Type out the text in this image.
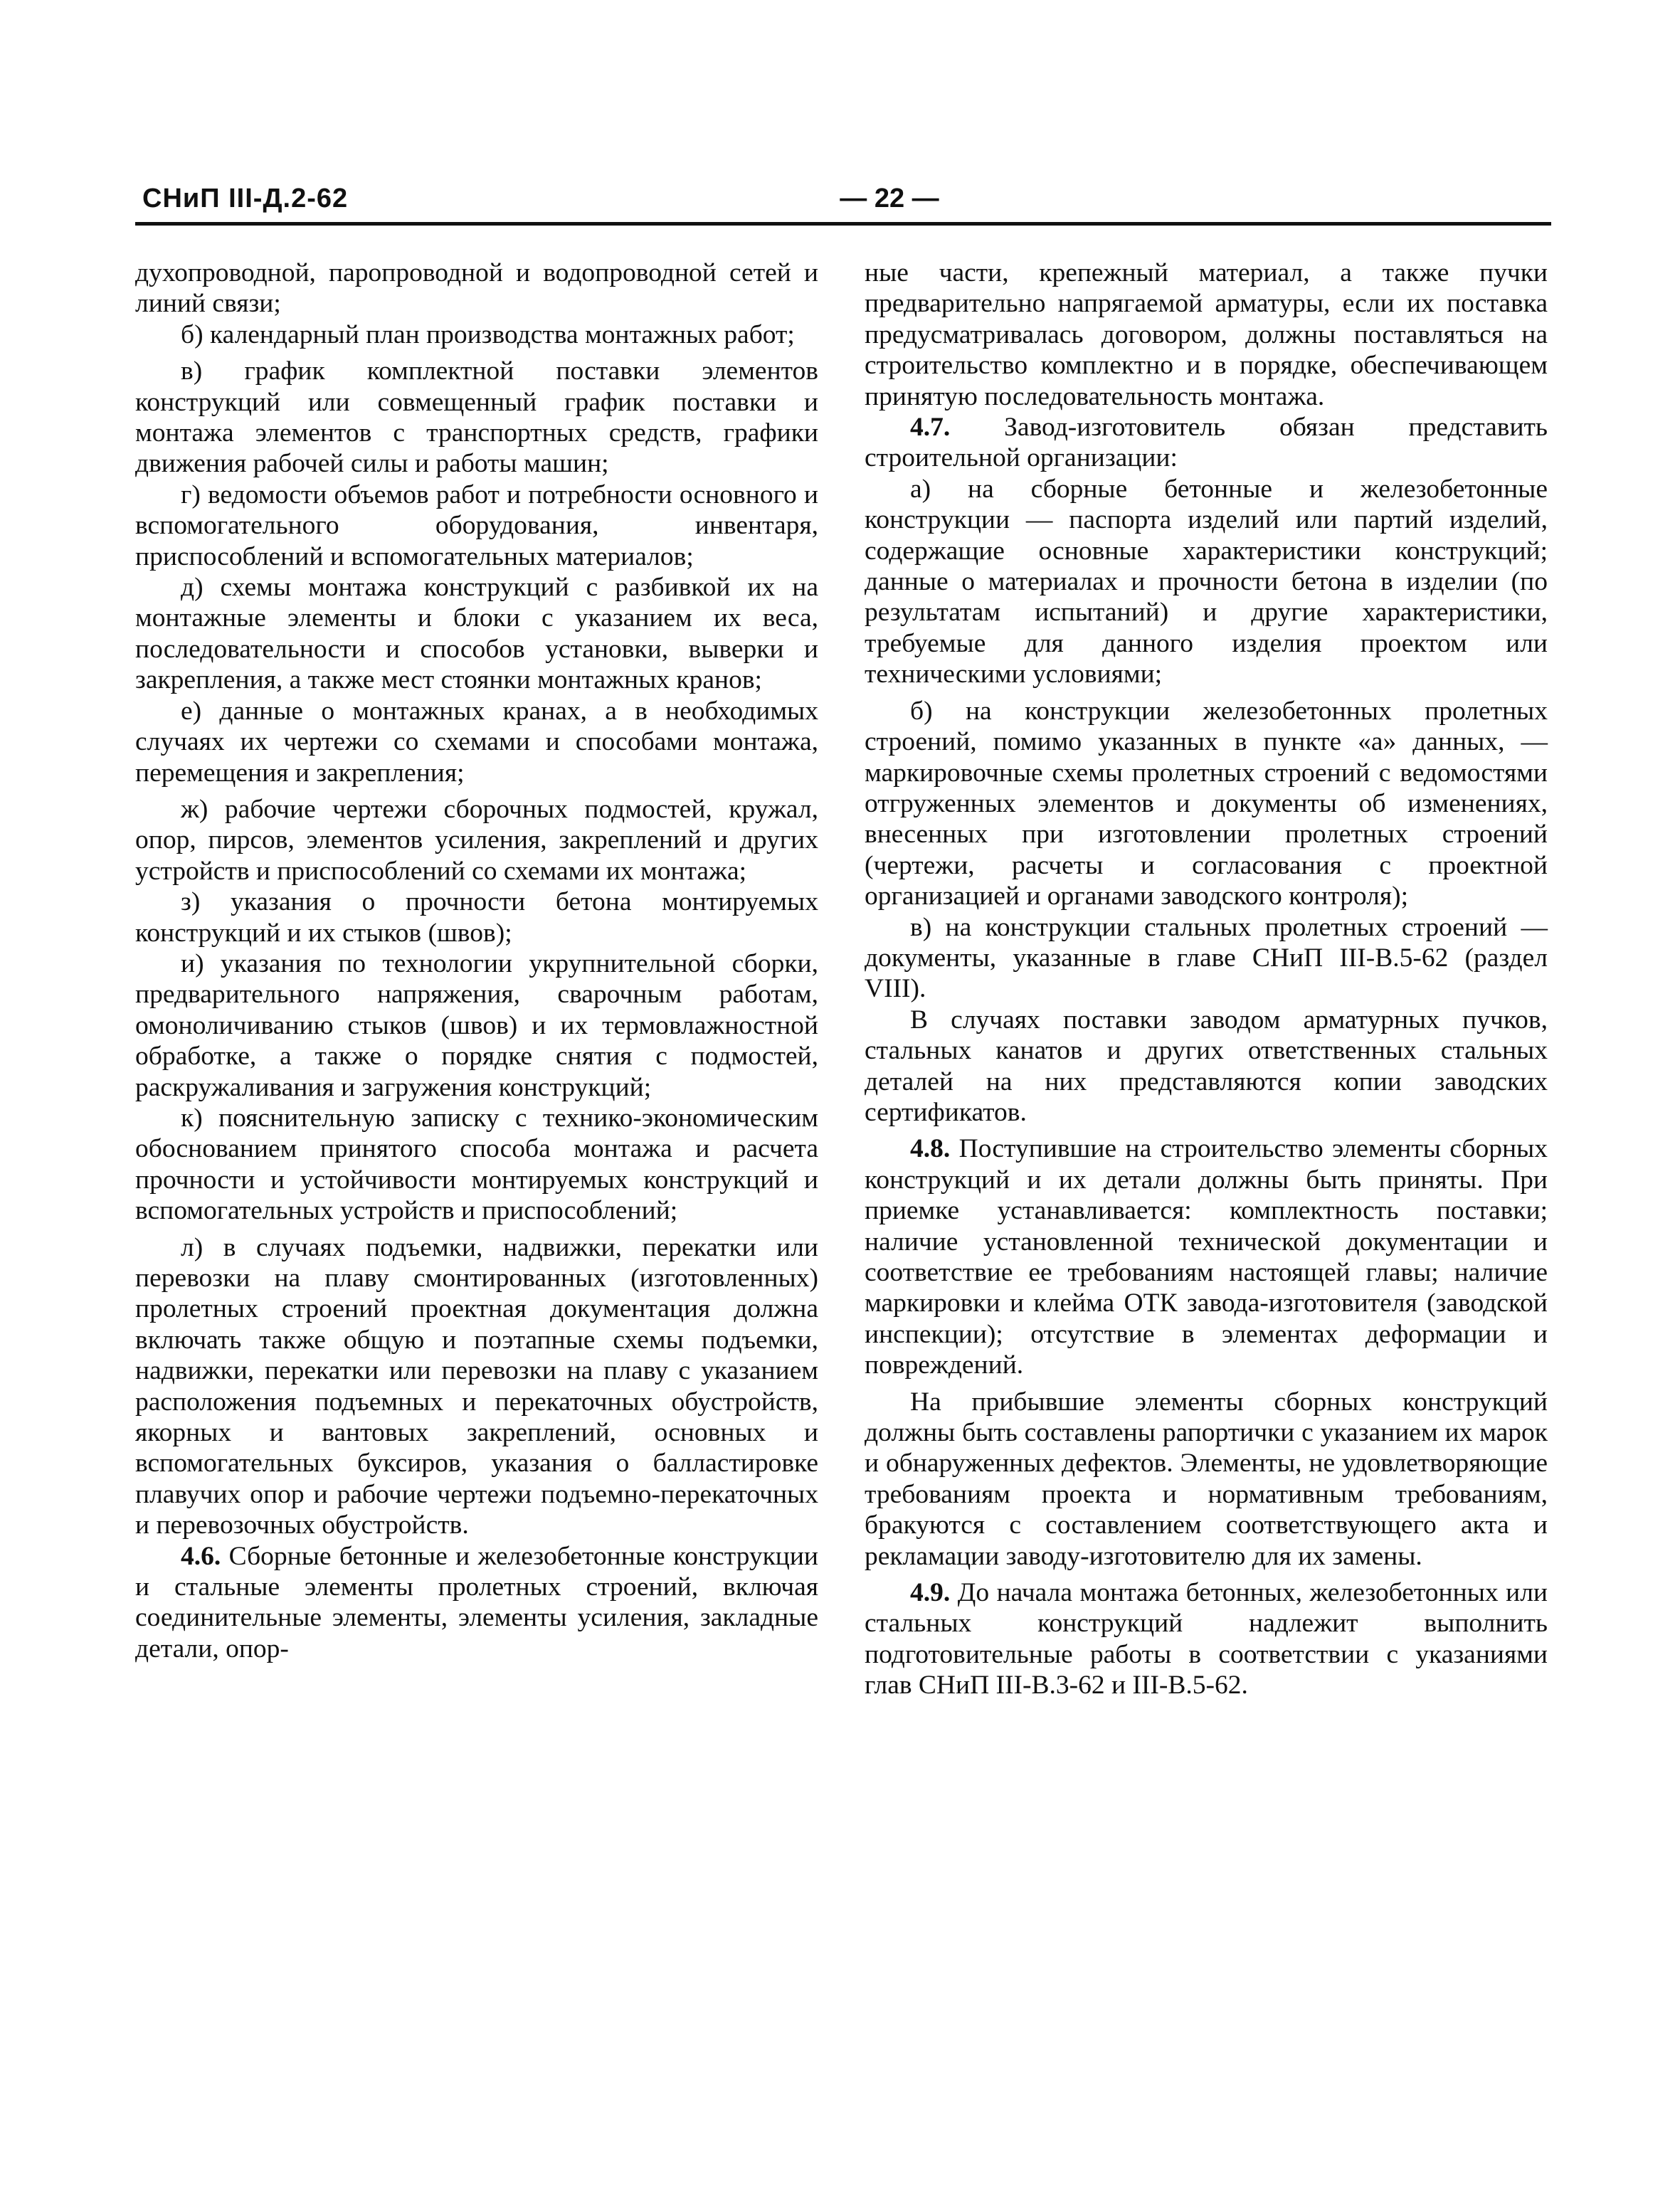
СНиП III-Д.2-62	— 22 —

духопроводной, паропроводной и водопроводной сетей и линий связи;

б) календарный план производства монтажных работ;

в) график комплектной поставки элементов конструкций или совмещенный график поставки и монтажа элементов с транспортных средств, графики движения рабочей силы и работы машин;

г) ведомости объемов работ и потребности основного и вспомогательного оборудования, инвентаря, приспособлений и вспомогательных материалов;

д) схемы монтажа конструкций с разбивкой их на монтажные элементы и блоки с указанием их веса, последовательности и способов установки, выверки и закрепления, а также мест стоянки монтажных кранов;

е) данные о монтажных кранах, а в необходимых случаях их чертежи со схемами и способами монтажа, перемещения и закрепления;

ж) рабочие чертежи сборочных подмостей, кружал, опор, пирсов, элементов усиления, закреплений и других устройств и приспособлений со схемами их монтажа;

з) указания о прочности бетона монтируемых конструкций и их стыков (швов);

и) указания по технологии укрупнительной сборки, предварительного напряжения, сварочным работам, омоноличиванию стыков (швов) и их термовлажностной обработке, а также о порядке снятия с подмостей, раскружаливания и загружения конструкций;

к) пояснительную записку с технико-экономическим обоснованием принятого способа монтажа и расчета прочности и устойчивости монтируемых конструкций и вспомогательных устройств и приспособлений;

л) в случаях подъемки, надвижки, перекатки или перевозки на плаву смонтированных (изготовленных) пролетных строений проектная документация должна включать также общую и поэтапные схемы подъемки, надвижки, перекатки или перевозки на плаву с указанием расположения подъемных и перекаточных обустройств, якорных и вантовых закреплений, основных и вспомогательных буксиров, указания о балластировке плавучих опор и рабочие чертежи подъемно-перекаточных и перевозочных обустройств.

4.6. Сборные бетонные и железобетонные конструкции и стальные элементы пролетных строений, включая соединительные элементы, элементы усиления, закладные детали, опор-

ные части, крепежный материал, а также пучки предварительно напрягаемой арматуры, если их поставка предусматривалась договором, должны поставляться на строительство комплектно и в порядке, обеспечивающем принятую последовательность монтажа.

4.7. Завод-изготовитель обязан представить строительной организации:

а) на сборные бетонные и железобетонные конструкции — паспорта изделий или партий изделий, содержащие основные характеристики конструкций; данные о материалах и прочности бетона в изделии (по результатам испытаний) и другие характеристики, требуемые для данного изделия проектом или техническими условиями;

б) на конструкции железобетонных пролетных строений, помимо указанных в пункте «а» данных, — маркировочные схемы пролетных строений с ведомостями отгруженных элементов и документы об изменениях, внесенных при изготовлении пролетных строений (чертежи, расчеты и согласования с проектной организацией и органами заводского контроля);

в) на конструкции стальных пролетных строений — документы, указанные в главе СНиП III-В.5-62 (раздел VIII).

В случаях поставки заводом арматурных пучков, стальных канатов и других ответственных стальных деталей на них представляются копии заводских сертификатов.

4.8. Поступившие на строительство элементы сборных конструкций и их детали должны быть приняты. При приемке устанавливается: комплектность поставки; наличие установленной технической документации и соответствие ее требованиям настоящей главы; наличие маркировки и клейма ОТК завода-изготовителя (заводской инспекции); отсутствие в элементах деформации и повреждений.

На прибывшие элементы сборных конструкций должны быть составлены рапортички с указанием их марок и обнаруженных дефектов. Элементы, не удовлетворяющие требованиям проекта и нормативным требованиям, бракуются с составлением соответствующего акта и рекламации заводу-изготовителю для их замены.

4.9. До начала монтажа бетонных, железобетонных или стальных конструкций надлежит выполнить подготовительные работы в соответствии с указаниями глав СНиП III-В.3-62 и III-В.5-62.
